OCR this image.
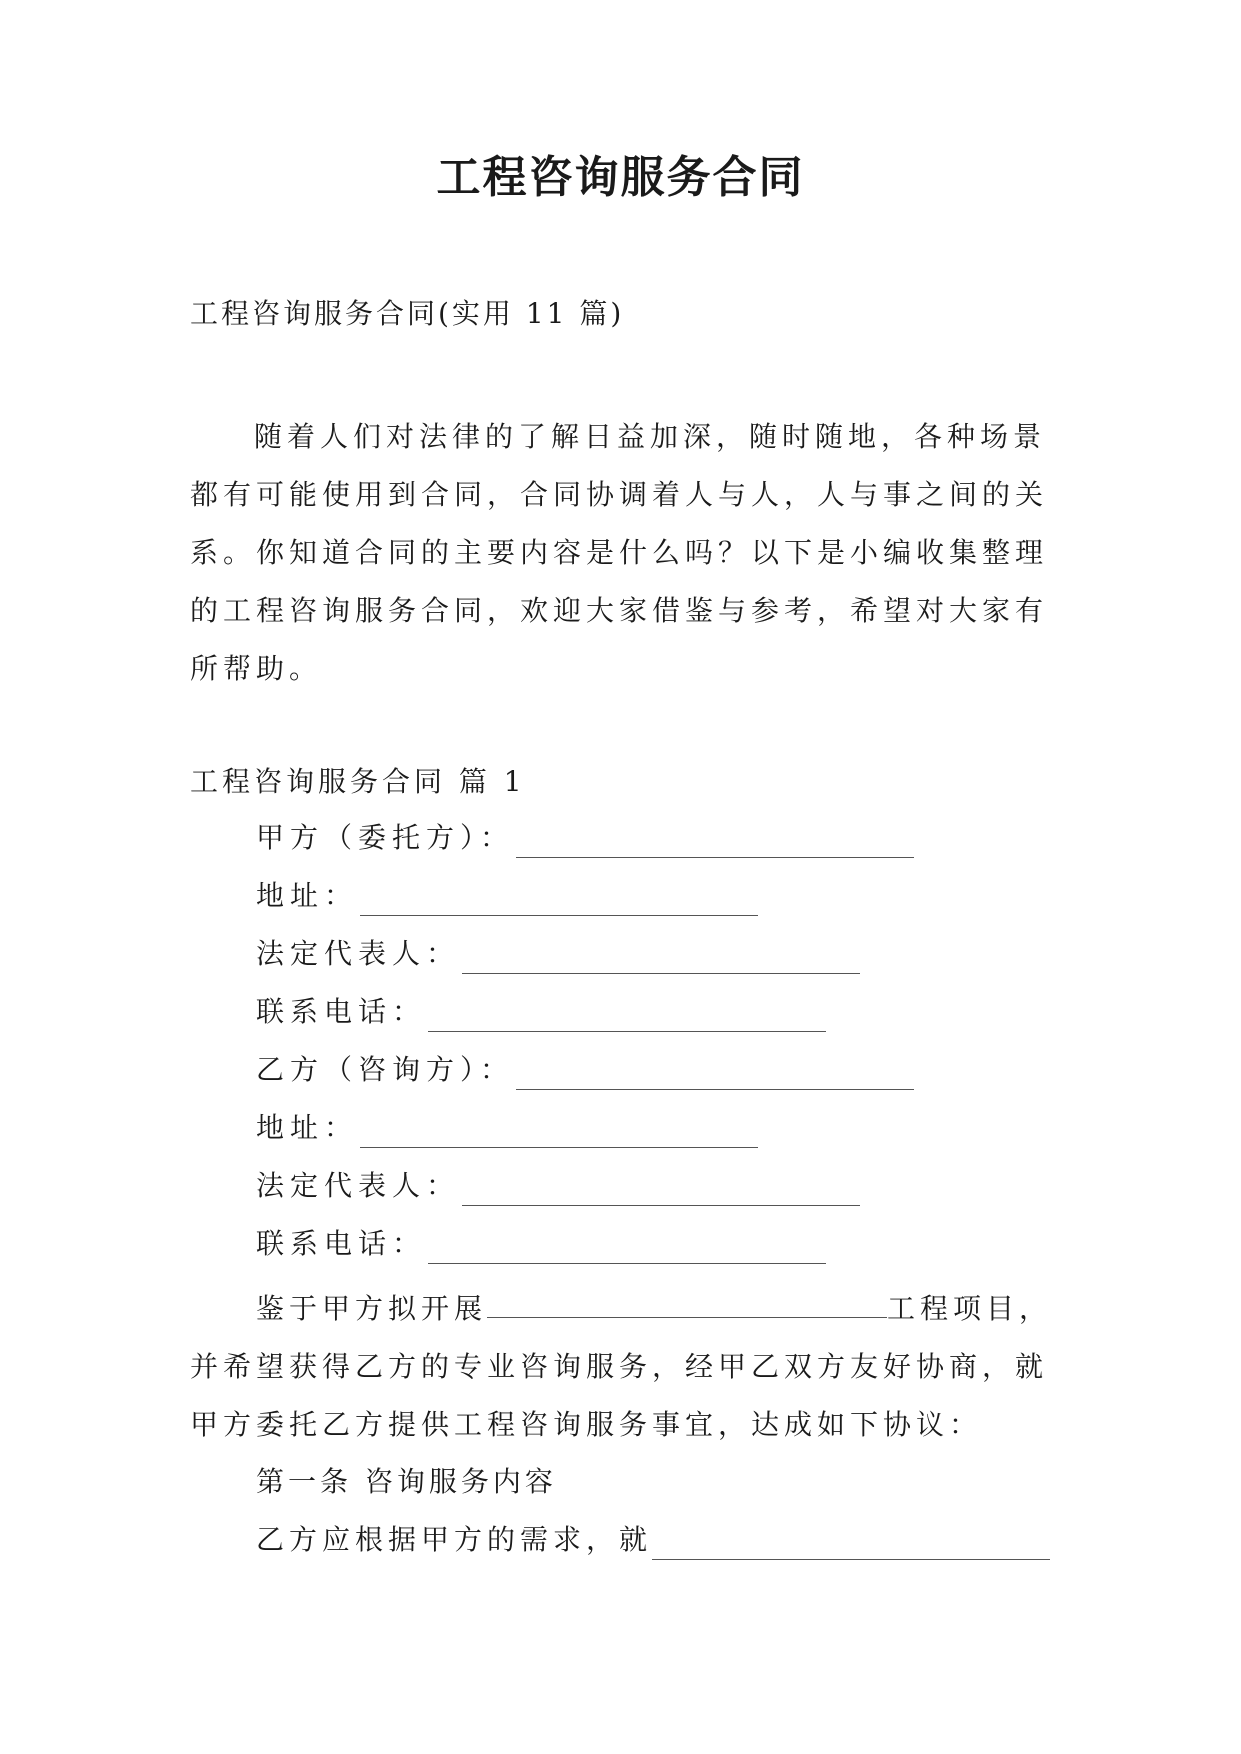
工程咨询服务合同
工程咨询服务合同(实用 11 篇)
随着人们对法律的了解日益加深，随时随地，各种场景
都有可能使用到合同，合同协调着人与人，人与事之间的关
系。你知道合同的主要内容是什么吗？以下是小编收集整理
的工程咨询服务合同，欢迎大家借鉴与参考，希望对大家有
所帮助。
工程咨询服务合同 篇 1
甲方（委托方）：
地址：
法定代表人：
联系电话：
乙方（咨询方）：
地址：
法定代表人：
联系电话：
鉴于甲方拟开展	工程项目，
并希望获得乙方的专业咨询服务，经甲乙双方友好协商，就
甲方委托乙方提供工程咨询服务事宜，达成如下协议：
第一条 咨询服务内容
乙方应根据甲方的需求，就
